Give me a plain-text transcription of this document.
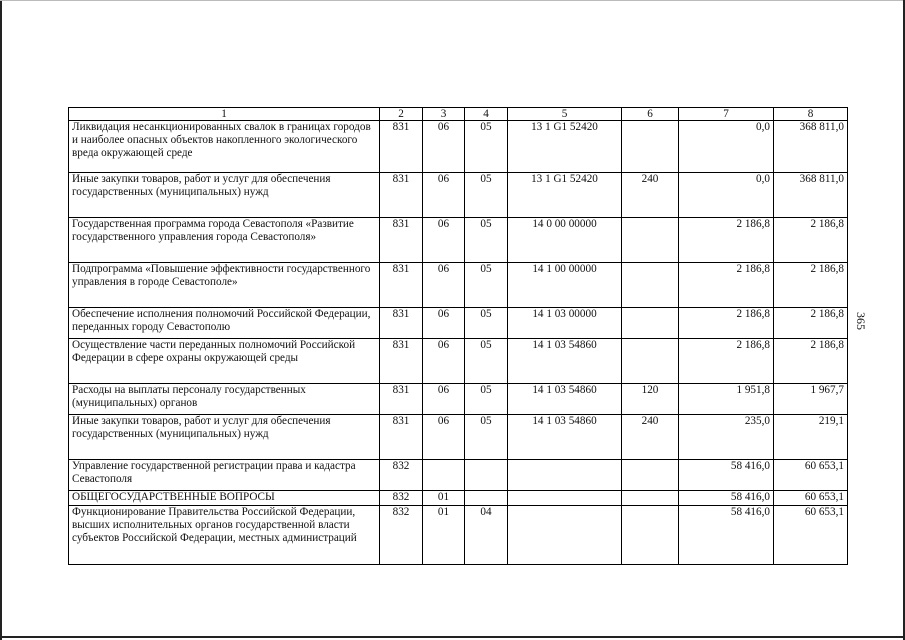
1	2	3	4	5	6	7	8
Ликвидация несанкционированных свалок в границах городов и наиболее опасных объектов накопленного экологического вреда окружающей среде	831	06	05	13 1 G1 52420		0,0	368 811,0
Иные закупки товаров, работ и услуг для обеспечения государственных (муниципальных) нужд	831	06	05	13 1 G1 52420	240	0,0	368 811,0
Государственная программа города Севастополя «Развитие государственного управления города Севастополя»	831	06	05	14 0 00 00000		2 186,8	2 186,8
Подпрограмма «Повышение эффективности государственного управления в городе Севастополе»	831	06	05	14 1 00 00000		2 186,8	2 186,8
Обеспечение исполнения полномочий Российской Федерации, переданных городу Севастополю	831	06	05	14 1 03 00000		2 186,8	2 186,8
Осуществление части переданных полномочий Российской Федерации в сфере охраны окружающей среды	831	06	05	14 1 03 54860		2 186,8	2 186,8
Расходы на выплаты персоналу государственных (муниципальных) органов	831	06	05	14 1 03 54860	120	1 951,8	1 967,7
Иные закупки товаров, работ и услуг для обеспечения государственных (муниципальных) нужд	831	06	05	14 1 03 54860	240	235,0	219,1
Управление государственной регистрации права и кадастра Севастополя	832					58 416,0	60 653,1
ОБЩЕГОСУДАРСТВЕННЫЕ ВОПРОСЫ	832	01				58 416,0	60 653,1
Функционирование Правительства Российской Федерации, высших исполнительных органов государственной власти субъектов Российской Федерации, местных администраций	832	01	04			58 416,0	60 653,1
365
